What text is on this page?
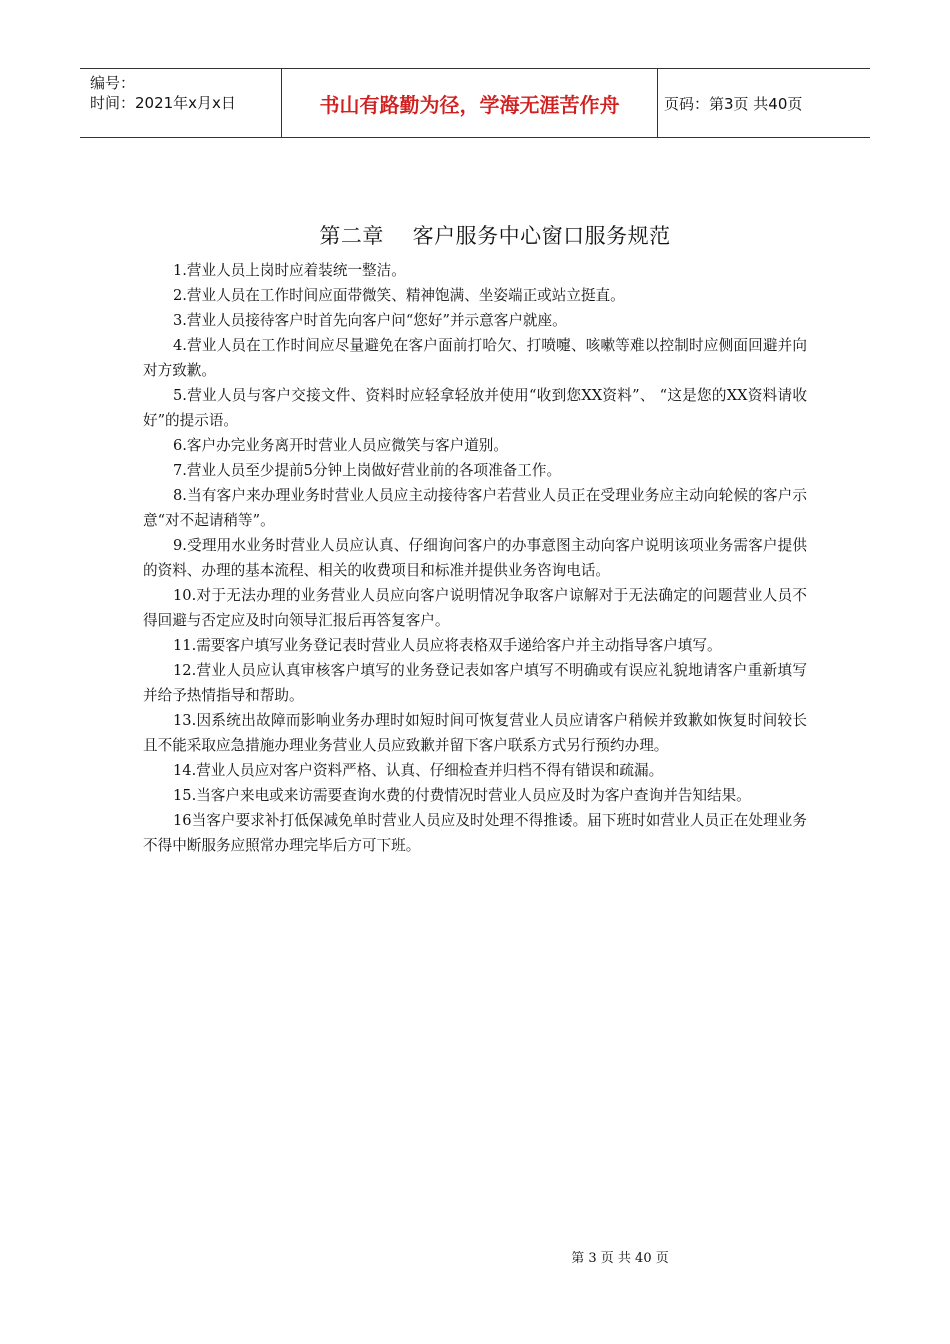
编号：
时间：2021年x月x日	书山有路勤为径，学海无涯苦作舟	页码：第3页 共40页
第二章    客户服务中心窗口服务规范

1.营业人员上岗时应着装统一整洁。

2.营业人员在工作时间应面带微笑、精神饱满、坐姿端正或站立挺直。

3.营业人员接待客户时首先向客户问“您好”并示意客户就座。

4.营业人员在工作时间应尽量避免在客户面前打哈欠、打喷嚏、咳嗽等难以控制时应侧面回避并向对方致歉。

5.营业人员与客户交接文件、资料时应轻拿轻放并使用“收到您XX资料”、 “这是您的XX资料请收好”的提示语。

6.客户办完业务离开时营业人员应微笑与客户道别。

7.营业人员至少提前5分钟上岗做好营业前的各项准备工作。

8.当有客户来办理业务时营业人员应主动接待客户若营业人员正在受理业务应主动向轮候的客户示意“对不起请稍等”。

9.受理用水业务时营业人员应认真、仔细询问客户的办事意图主动向客户说明该项业务需客户提供的资料、办理的基本流程、相关的收费项目和标准并提供业务咨询电话。

10.对于无法办理的业务营业人员应向客户说明情况争取客户谅解对于无法确定的问题营业人员不得回避与否定应及时向领导汇报后再答复客户。

11.需要客户填写业务登记表时营业人员应将表格双手递给客户并主动指导客户填写。

12.营业人员应认真审核客户填写的业务登记表如客户填写不明确或有误应礼貌地请客户重新填写并给予热情指导和帮助。

13.因系统出故障而影响业务办理时如短时间可恢复营业人员应请客户稍候并致歉如恢复时间较长且不能采取应急措施办理业务营业人员应致歉并留下客户联系方式另行预约办理。

14.营业人员应对客户资料严格、认真、仔细检查并归档不得有错误和疏漏。

15.当客户来电或来访需要查询水费的付费情况时营业人员应及时为客户查询并告知结果。

16当客户要求补打低保减免单时营业人员应及时处理不得推诿。届下班时如营业人员正在处理业务不得中断服务应照常办理完毕后方可下班。

第 3 页 共 40 页
